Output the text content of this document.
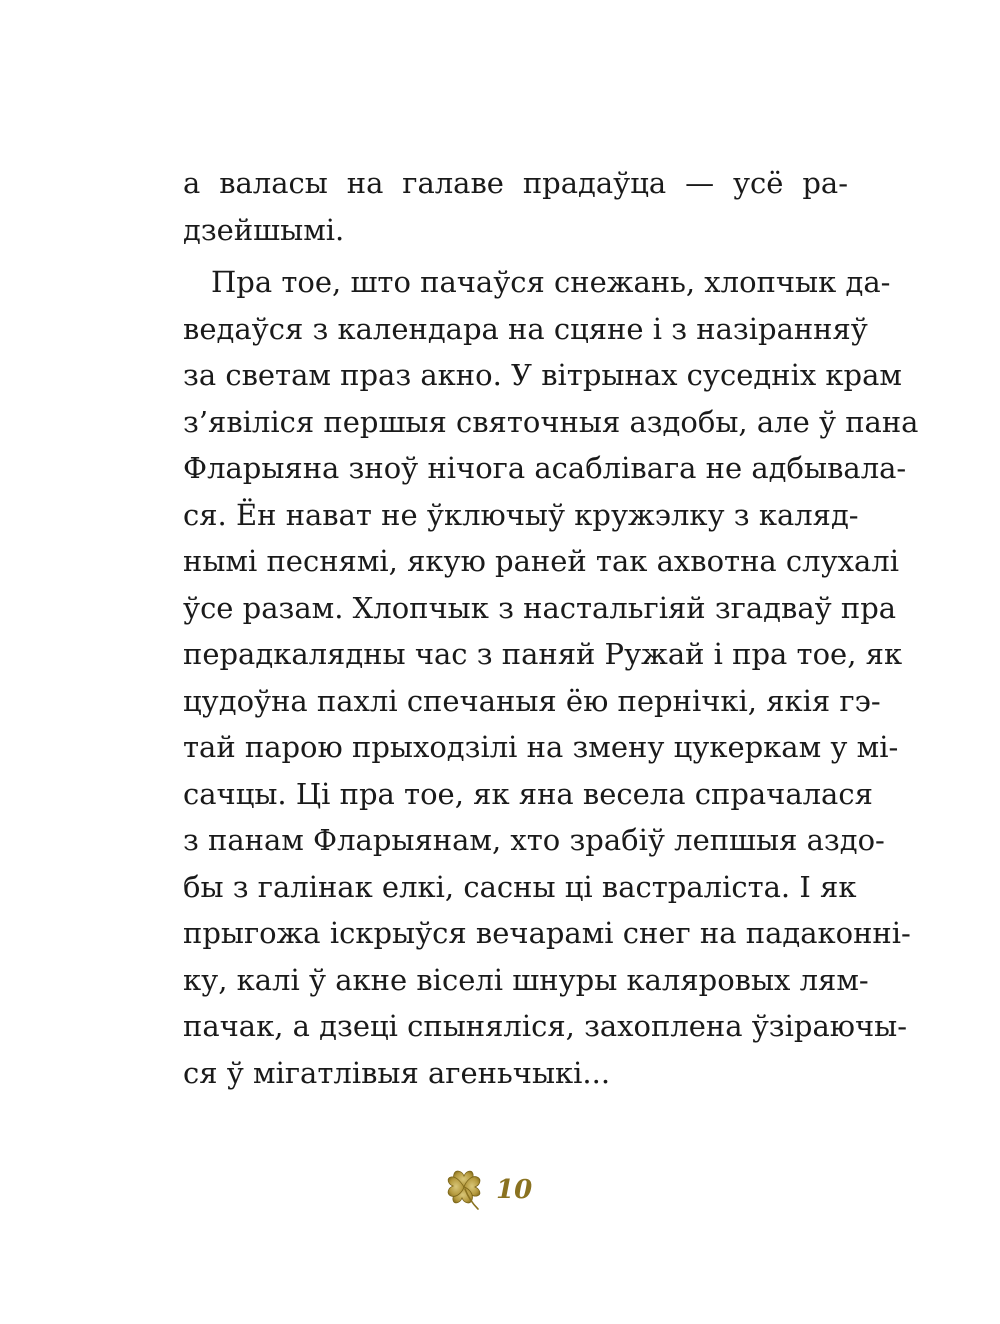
а валасы на галаве прадаўца — усё ра-
дзейшымі.
Пра тое, што пачаўся снежань, хлопчык да-
ведаўся з календара на сцяне і з назіранняў
за светам праз акно. У вітрынах суседніх крам
з’явіліся першыя святочныя аздобы, але ў пана
Фларыяна зноў нічога асаблівага не адбывала-
ся. Ён нават не ўключыў кружэлку з каляд-
нымі песнямі, якую раней так ахвотна слухалі
ўсе разам. Хлопчык з настальгіяй згадваў пра
перадкалядны час з паняй Ружай і пра тое, як
цудоўна пахлі спечаныя ёю пернічкі, якія гэ-
тай парою прыходзілі на змену цукеркам у мі-
сачцы. Ці пра тое, як яна весела спрачалася
з панам Фларыянам, хто зрабіў лепшыя аздо-
бы з галінак елкі, сасны ці вастраліста. І як
прыгожа іскрыўся вечарамі снег на падаконні-
ку, калі ў акне віселі шнуры каляровых лям-
пачак, а дзеці спыняліся, захоплена ўзіраючы-
ся ў мігатлівыя агеньчыкі...
10
